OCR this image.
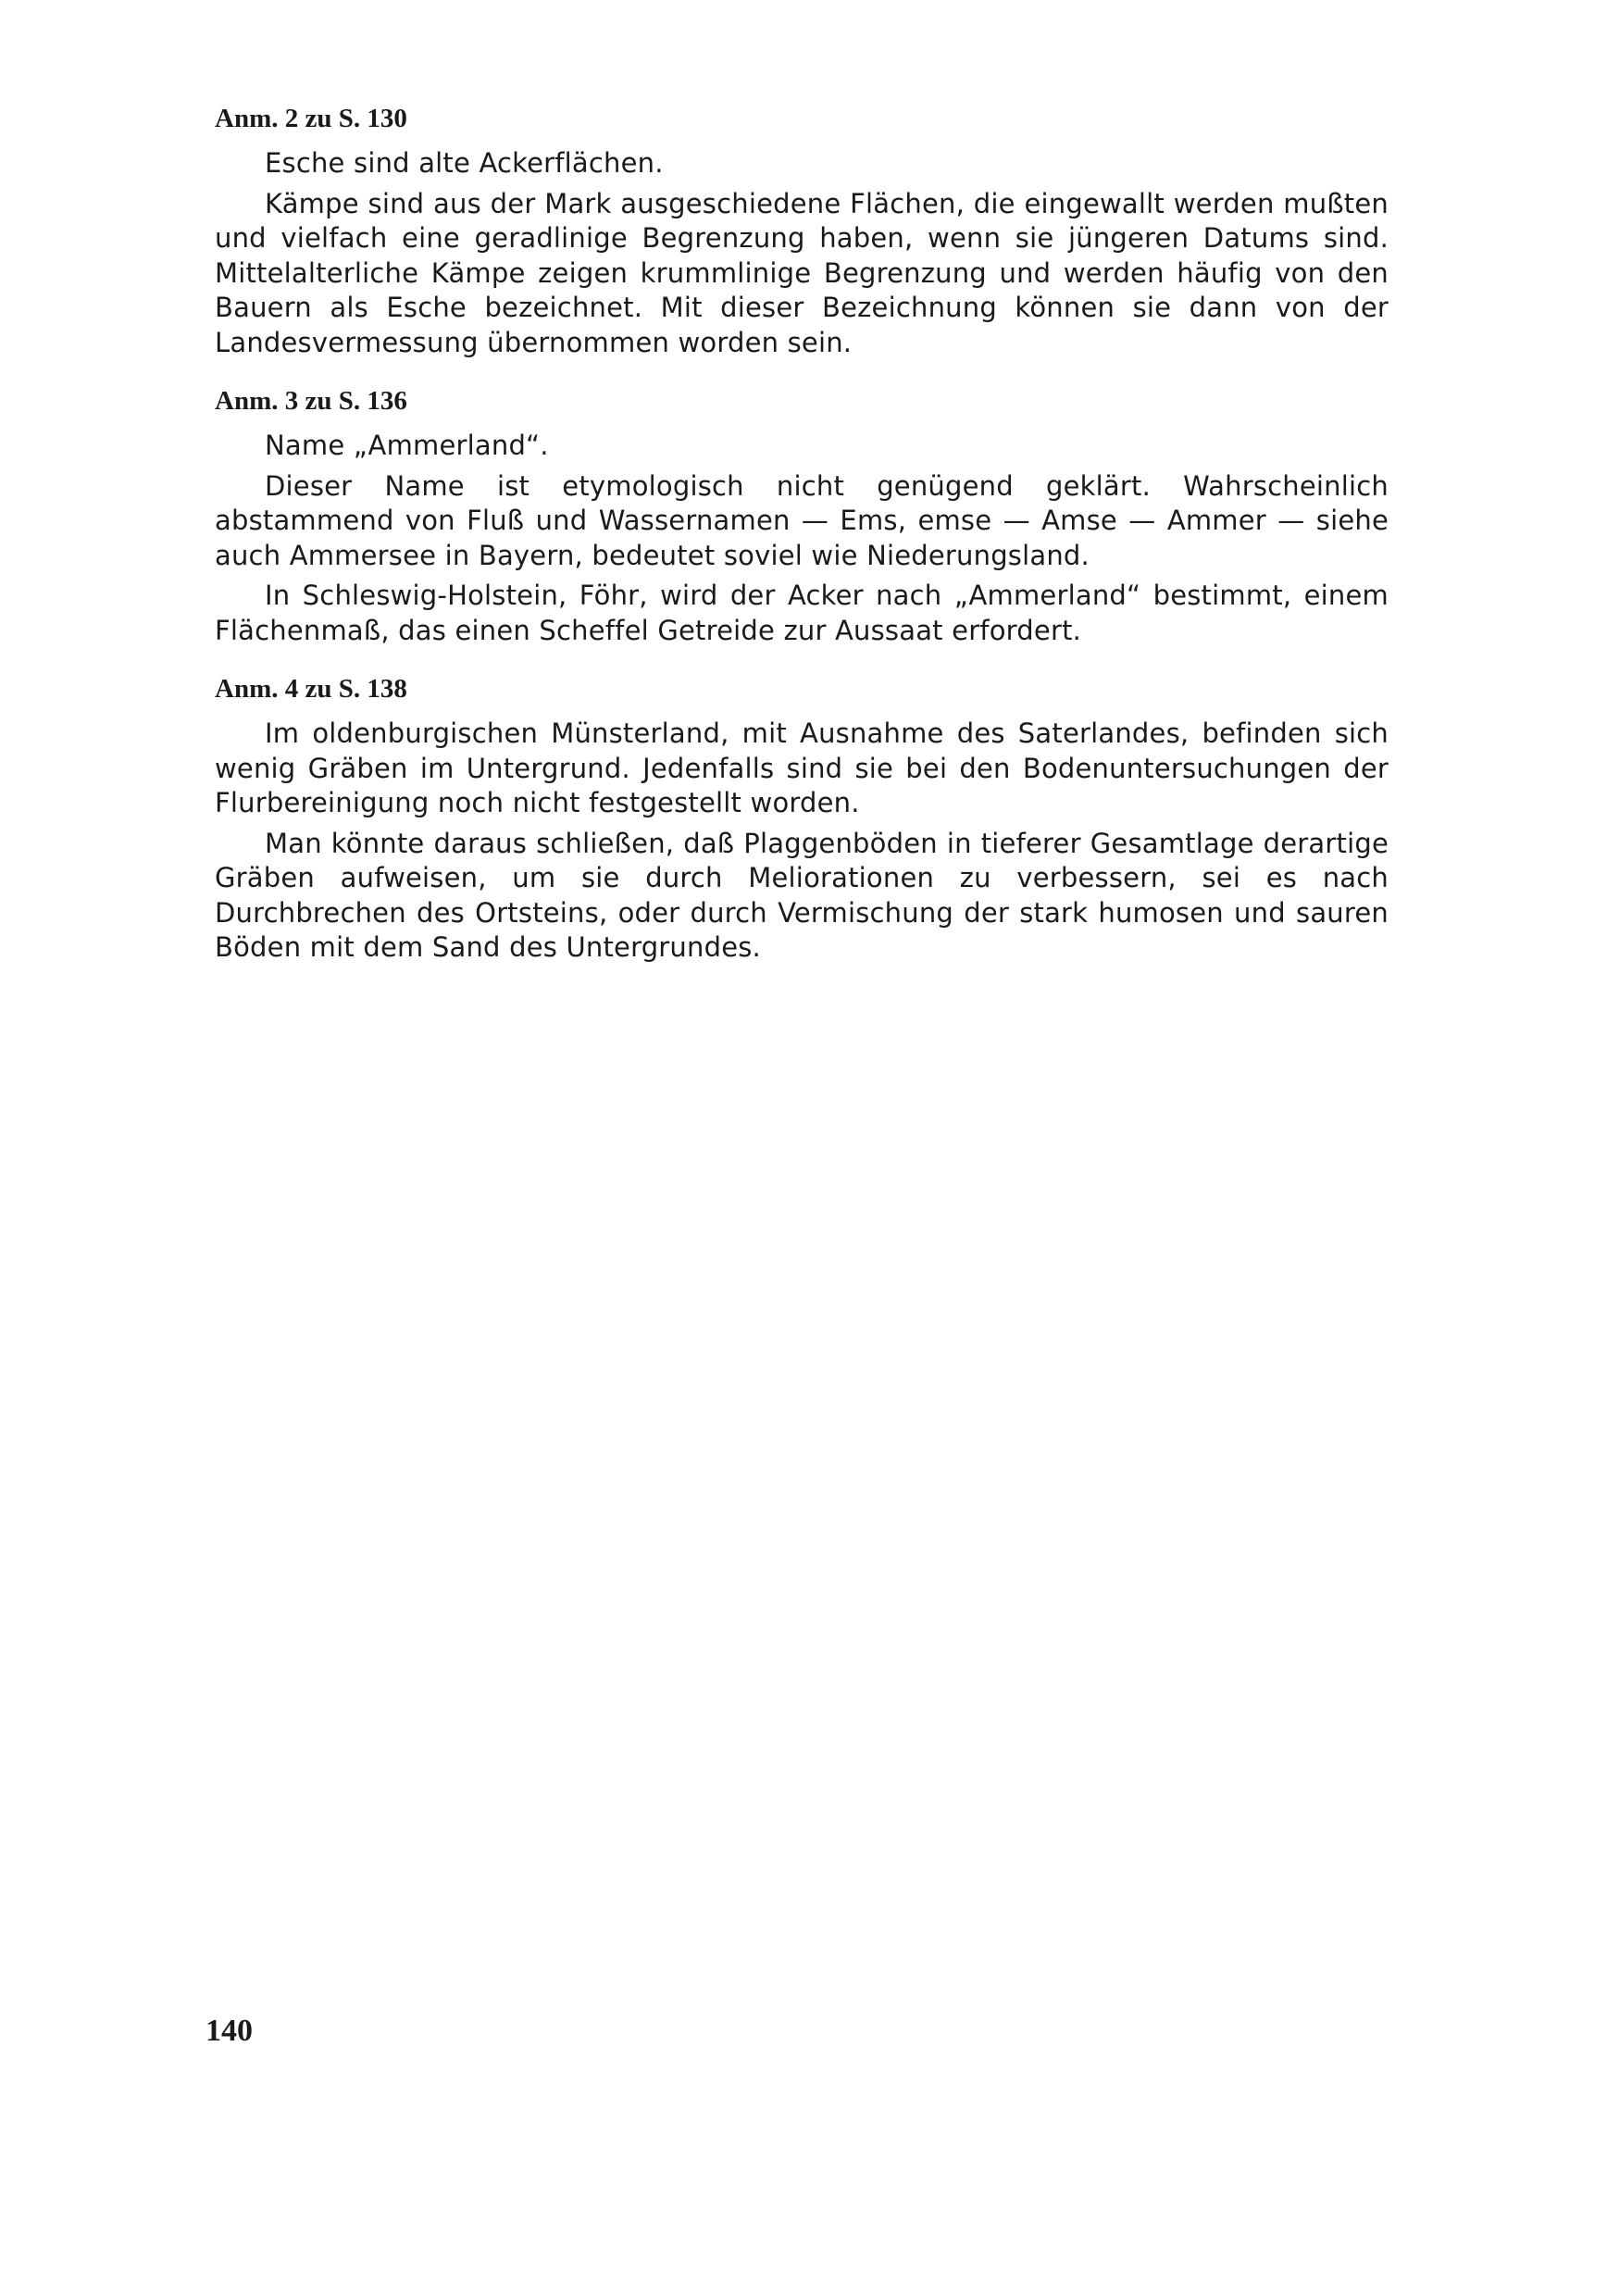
Anm. 2 zu S. 130

Esche sind alte Ackerflächen.

Kämpe sind aus der Mark ausgeschiedene Flächen, die eingewallt werden mußten und vielfach eine geradlinige Begrenzung haben, wenn sie jüngeren Datums sind. Mittelalterliche Kämpe zeigen krummlinige Begrenzung und werden häufig von den Bauern als Esche bezeichnet. Mit dieser Bezeichnung können sie dann von der Landesvermessung übernommen worden sein.

Anm. 3 zu S. 136

Name „Ammerland“.

Dieser Name ist etymologisch nicht genügend geklärt. Wahrscheinlich abstammend von Fluß und Wassernamen — Ems, emse — Amse — Ammer — siehe auch Ammersee in Bayern, bedeutet soviel wie Niederungsland.

In Schleswig-Holstein, Föhr, wird der Acker nach „Ammerland“ bestimmt, einem Flächenmaß, das einen Scheffel Getreide zur Aussaat erfordert.

Anm. 4 zu S. 138

Im oldenburgischen Münsterland, mit Ausnahme des Saterlandes, befinden sich wenig Gräben im Untergrund. Jedenfalls sind sie bei den Bodenuntersuchungen der Flurbereinigung noch nicht festgestellt worden.

Man könnte daraus schließen, daß Plaggenböden in tieferer Gesamtlage derartige Gräben aufweisen, um sie durch Meliorationen zu verbessern, sei es nach Durchbrechen des Ortsteins, oder durch Vermischung der stark humosen und sauren Böden mit dem Sand des Untergrundes.

140
